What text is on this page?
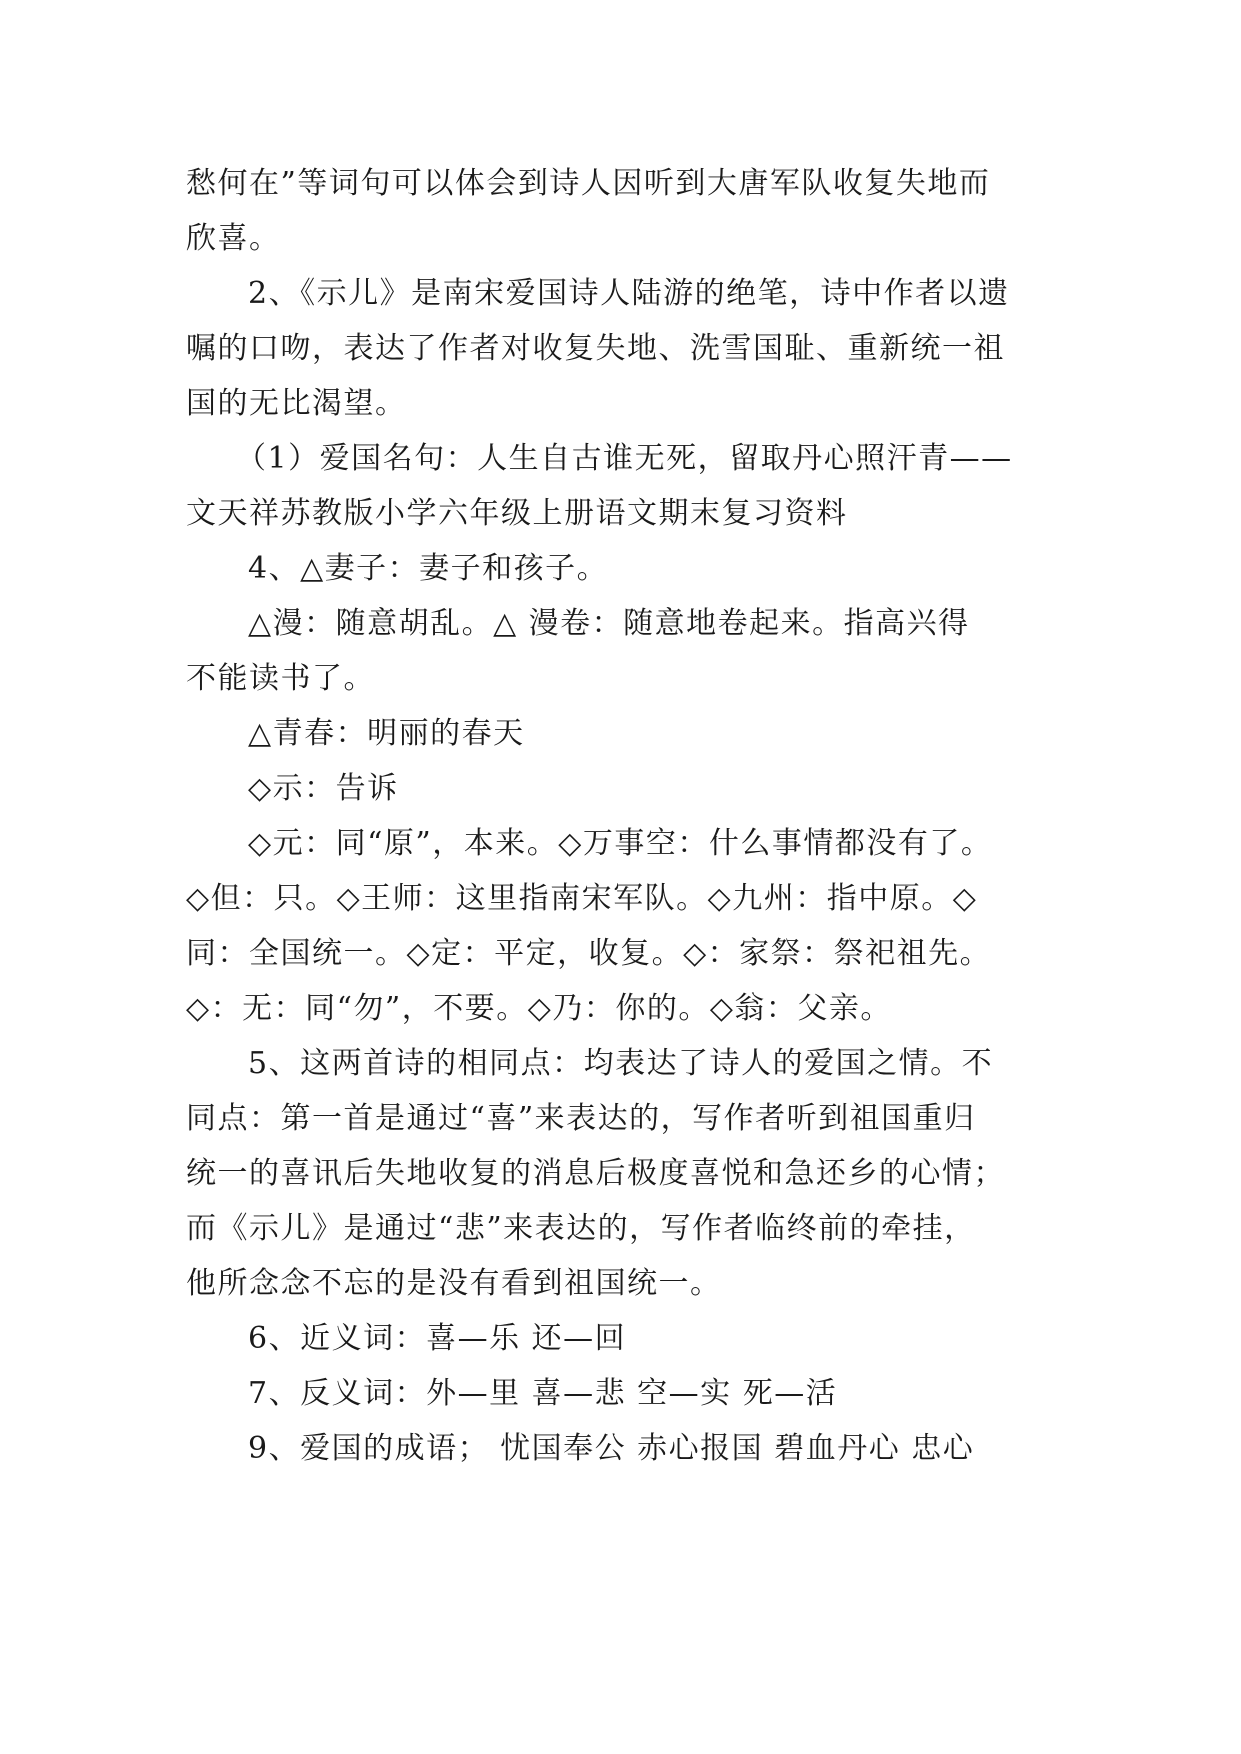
愁何在”等词句可以体会到诗人因听到大唐军队收复失地而
欣喜。
2、《示儿》是南宋爱国诗人陆游的绝笔，诗中作者以遗
嘱的口吻，表达了作者对收复失地、洗雪国耻、重新统一祖
国的无比渴望。
（1）爱国名句：人生自古谁无死，留取丹心照汗青——
文天祥苏教版小学六年级上册语文期末复习资料
4、△妻子：妻子和孩子。
△漫：随意胡乱。△ 漫卷：随意地卷起来。指高兴得
不能读书了。
△青春：明丽的春天
◇示：告诉
◇元：同“原”，本来。◇万事空：什么事情都没有了。
◇但：只。◇王师：这里指南宋军队。◇九州：指中原。◇
同：全国统一。◇定：平定，收复。◇：家祭：祭祀祖先。
◇：无：同“勿”，不要。◇乃：你的。◇翁：父亲。
5、这两首诗的相同点：均表达了诗人的爱国之情。不
同点：第一首是通过“喜”来表达的，写作者听到祖国重归
统一的喜讯后失地收复的消息后极度喜悦和急还乡的心情；
而《示儿》是通过“悲”来表达的，写作者临终前的牵挂，
他所念念不忘的是没有看到祖国统一。
6、近义词：喜—乐 还—回
7、反义词：外—里 喜—悲 空—实 死—活
9、爱国的成语； 忧国奉公 赤心报国 碧血丹心 忠心
